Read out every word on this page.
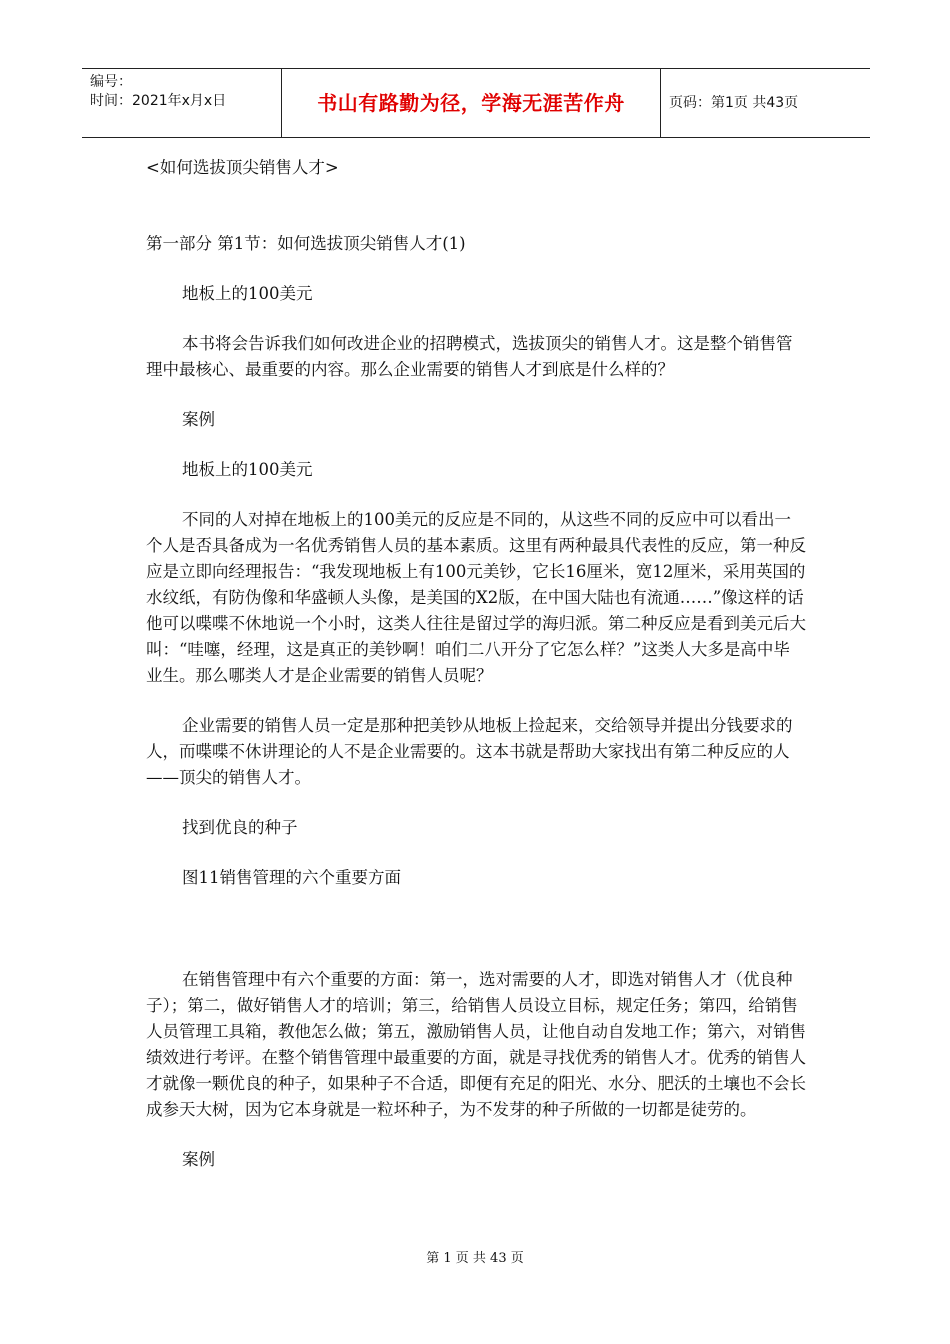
编号：
时间：2021年x月x日	书山有路勤为径，学海无涯苦作舟	页码：第1页 共43页

<如何选拔顶尖销售人才>

第一部分 第1节：如何选拔顶尖销售人才(1)

地板上的100美元

本书将会告诉我们如何改进企业的招聘模式，选拔顶尖的销售人才。这是整个销售管理中最核心、最重要的内容。那么企业需要的销售人才到底是什么样的？

案例

地板上的100美元

不同的人对掉在地板上的100美元的反应是不同的，从这些不同的反应中可以看出一个人是否具备成为一名优秀销售人员的基本素质。这里有两种最具代表性的反应，第一种反应是立即向经理报告：“我发现地板上有100元美钞，它长16厘米，宽12厘米，采用英国的水纹纸，有防伪像和华盛顿人头像，是美国的X2版，在中国大陆也有流通……”像这样的话他可以喋喋不休地说一个小时，这类人往往是留过学的海归派。第二种反应是看到美元后大叫：“哇噻，经理，这是真正的美钞啊！咱们二八开分了它怎么样？”这类人大多是高中毕业生。那么哪类人才是企业需要的销售人员呢？

企业需要的销售人员一定是那种把美钞从地板上捡起来，交给领导并提出分钱要求的人，而喋喋不休讲理论的人不是企业需要的。这本书就是帮助大家找出有第二种反应的人——顶尖的销售人才。

找到优良的种子

图11销售管理的六个重要方面

在销售管理中有六个重要的方面：第一，选对需要的人才，即选对销售人才（优良种子）；第二，做好销售人才的培训；第三，给销售人员设立目标，规定任务；第四，给销售人员管理工具箱，教他怎么做；第五，激励销售人员，让他自动自发地工作；第六，对销售绩效进行考评。在整个销售管理中最重要的方面，就是寻找优秀的销售人才。优秀的销售人才就像一颗优良的种子，如果种子不合适，即便有充足的阳光、水分、肥沃的土壤也不会长成参天大树，因为它本身就是一粒坏种子，为不发芽的种子所做的一切都是徒劳的。

案例

第 1 页 共 43 页
